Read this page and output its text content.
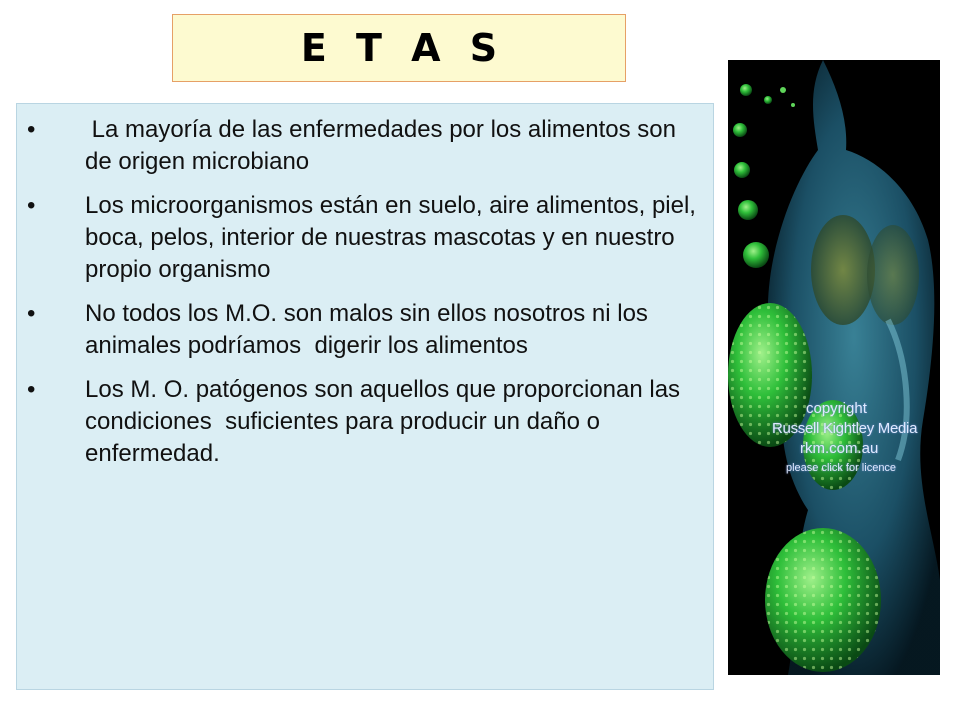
E T A S
•	La mayoría de las enfermedades por los alimentos son de origen microbiano
•	Los microorganismos están en suelo, aire alimentos, piel, boca, pelos, interior de nuestras mascotas y en nuestro propio organismo
•	No todos los M.O. son malos sin ellos nosotros ni los animales podríamos  digerir los alimentos
•	Los M. O. patógenos son aquellos que proporcionan las condiciones  suficientes para producir un daño o enfermedad.
copyright
Russell Kightley Media
rkm.com.au
please click for licence
